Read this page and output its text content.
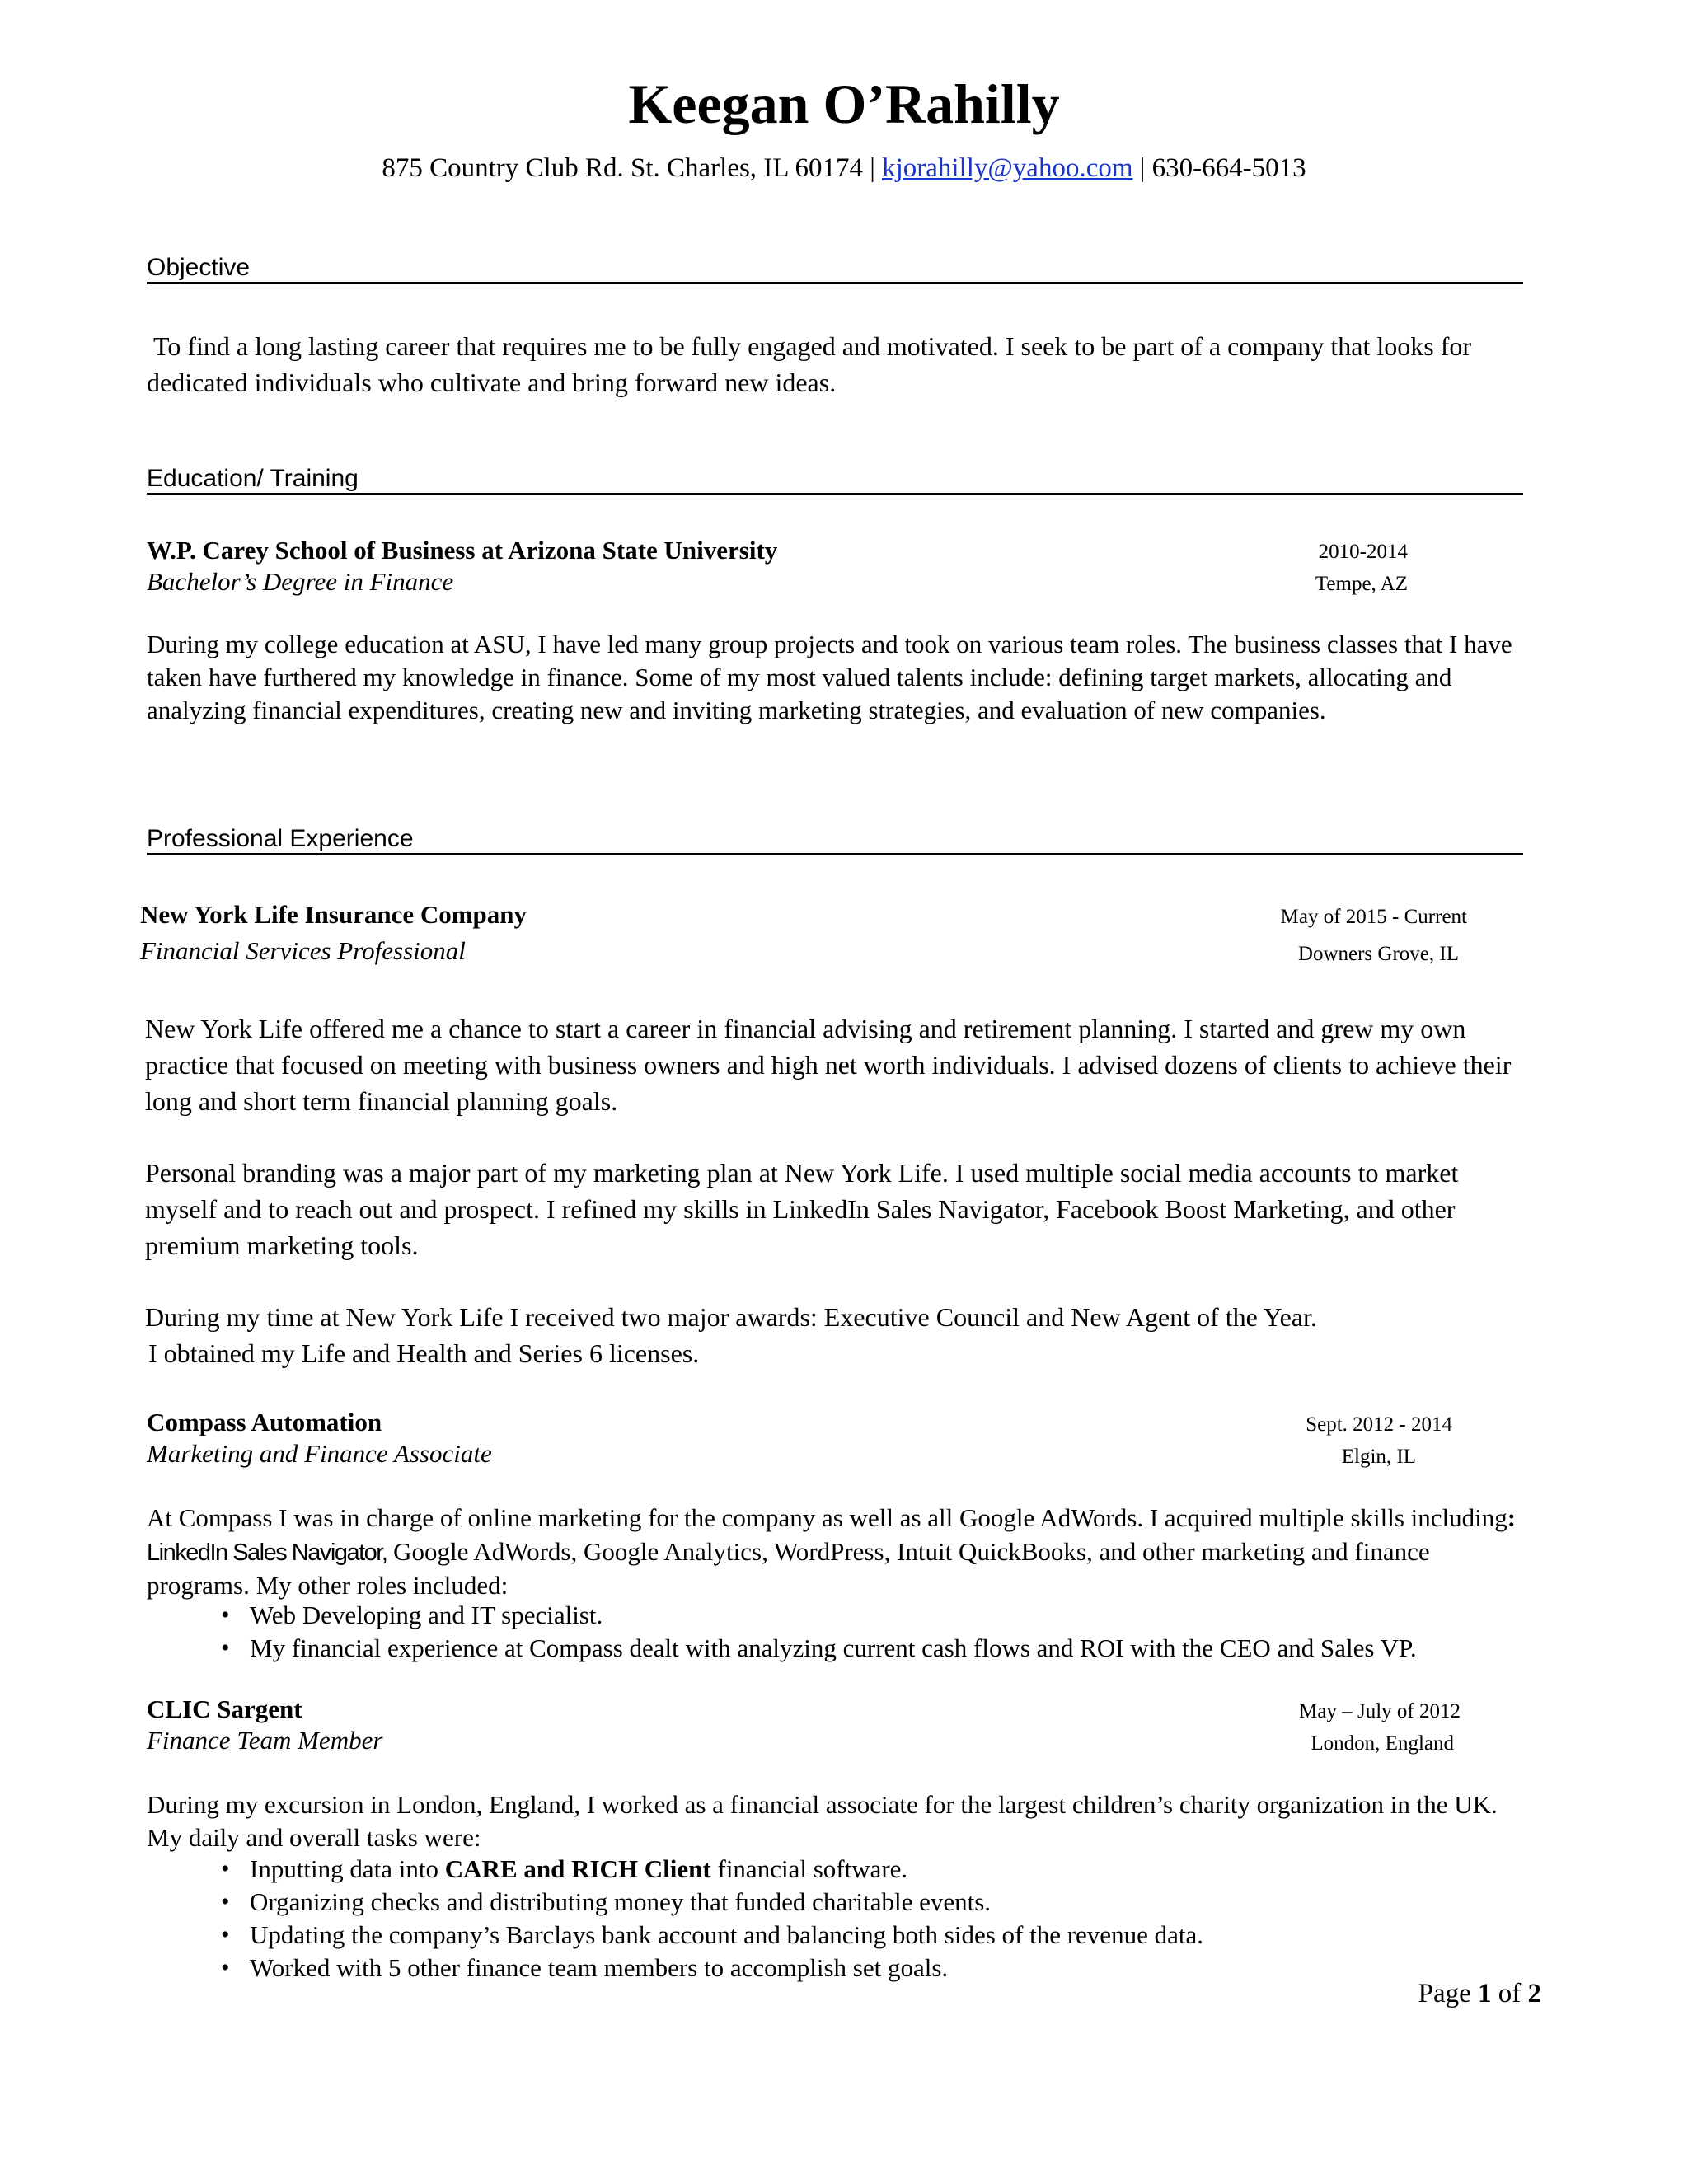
Keegan O’Rahilly
875 Country Club Rd. St. Charles, IL 60174 | kjorahilly@yahoo.com | 630-664-5013
Objective
To find a long lasting career that requires me to be fully engaged and motivated. I seek to be part of a company that looks for dedicated individuals who cultivate and bring forward new ideas.
Education/ Training
W.P. Carey School of Business at Arizona State University	2010-2014
Bachelor’s Degree in Finance	Tempe, AZ
During my college education at ASU, I have led many group projects and took on various team roles. The business classes that I have taken have furthered my knowledge in finance. Some of my most valued talents include: defining target markets, allocating and analyzing financial expenditures, creating new and inviting marketing strategies, and evaluation of new companies.
Professional Experience
New York Life Insurance Company	May of 2015 - Current
Financial Services Professional	Downers Grove, IL
New York Life offered me a chance to start a career in financial advising and retirement planning. I started and grew my own practice that focused on meeting with business owners and high net worth individuals. I advised dozens of clients to achieve their long and short term financial planning goals.
Personal branding was a major part of my marketing plan at New York Life. I used multiple social media accounts to market myself and to reach out and prospect. I refined my skills in LinkedIn Sales Navigator, Facebook Boost Marketing, and other premium marketing tools.
During my time at New York Life I received two major awards: Executive Council and New Agent of the Year.
I obtained my Life and Health and Series 6 licenses.
Compass Automation	Sept. 2012 - 2014
Marketing and Finance Associate	Elgin, IL
At Compass I was in charge of online marketing for the company as well as all Google AdWords. I acquired multiple skills including: LinkedIn Sales Navigator, Google AdWords, Google Analytics, WordPress, Intuit QuickBooks, and other marketing and finance programs. My other roles included:
• Web Developing and IT specialist.
• My financial experience at Compass dealt with analyzing current cash flows and ROI with the CEO and Sales VP.
CLIC Sargent	May – July of 2012
Finance Team Member	London, England
During my excursion in London, England, I worked as a financial associate for the largest children’s charity organization in the UK. My daily and overall tasks were:
• Inputting data into CARE and RICH Client financial software.
• Organizing checks and distributing money that funded charitable events.
• Updating the company’s Barclays bank account and balancing both sides of the revenue data.
• Worked with 5 other finance team members to accomplish set goals.
Page 1 of 2
